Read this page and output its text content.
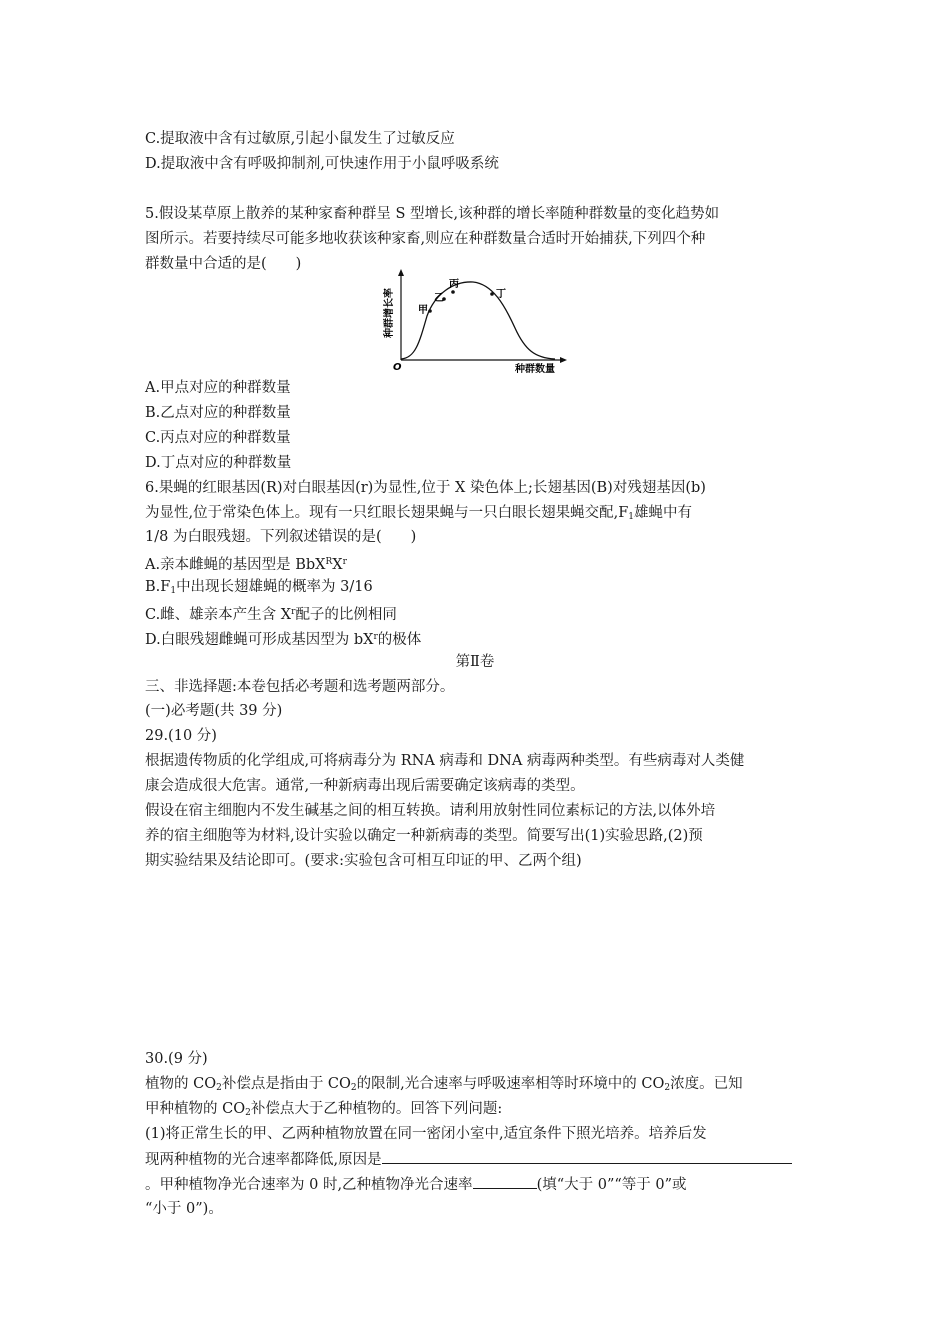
C.提取液中含有过敏原,引起小鼠发生了过敏反应
D.提取液中含有呼吸抑制剂,可快速作用于小鼠呼吸系统
5.假设某草原上散养的某种家畜种群呈 S 型增长,该种群的增长率随种群数量的变化趋势如
图所示。若要持续尽可能多地收获该种家畜,则应在种群数量合适时开始捕获,下列四个种
群数量中合适的是(　　)
甲
乙
丙
丁
O	种群数量
种群增长率
A.甲点对应的种群数量
B.乙点对应的种群数量
C.丙点对应的种群数量
D.丁点对应的种群数量
6.果蝇的红眼基因(R)对白眼基因(r)为显性,位于 X 染色体上;长翅基因(B)对残翅基因(b)
为显性,位于常染色体上。现有一只红眼长翅果蝇与一只白眼长翅果蝇交配$,F_1$雄蝇中有
1/8 为白眼残翅。下列叙述错误的是(　　)
A.亲本雌蝇的基因型是 $BbX^RX^r$
$B.F_1$中出现长翅雄蝇的概率为 3/16
C.雌、雄亲本产生含 $X^r$配子的比例相同
D.白眼残翅雌蝇可形成基因型为 $bX^r$的极体
第Ⅱ卷
三、非选择题:本卷包括必考题和选考题两部分。
(一)必考题(共 39 分)
29.(10 分)
根据遗传物质的化学组成,可将病毒分为 RNA 病毒和 DNA 病毒两种类型。有些病毒对人类健
康会造成很大危害。通常,一种新病毒出现后需要确定该病毒的类型。
假设在宿主细胞内不发生碱基之间的相互转换。请利用放射性同位素标记的方法,以体外培
养的宿主细胞等为材料,设计实验以确定一种新病毒的类型。简要写出(1)实验思路,(2)预
期实验结果及结论即可。(要求:实验包含可相互印证的甲、乙两个组)
30.(9 分)
植物的 $CO_2$补偿点是指由于 $CO_2$的限制,光合速率与呼吸速率相等时环境中的 $CO_2$浓度。已知
甲种植物的 $CO_2$补偿点大于乙种植物的。回答下列问题:
(1)将正常生长的甲、乙两种植物放置在同一密闭小室中,适宜条件下照光培养。培养后发
现两种植物的光合速率都降低,原因是
。甲种植物净光合速率为 0 时,乙种植物净光合速率	(填“大于 0”“等于 0”或
“小于 0”)。
